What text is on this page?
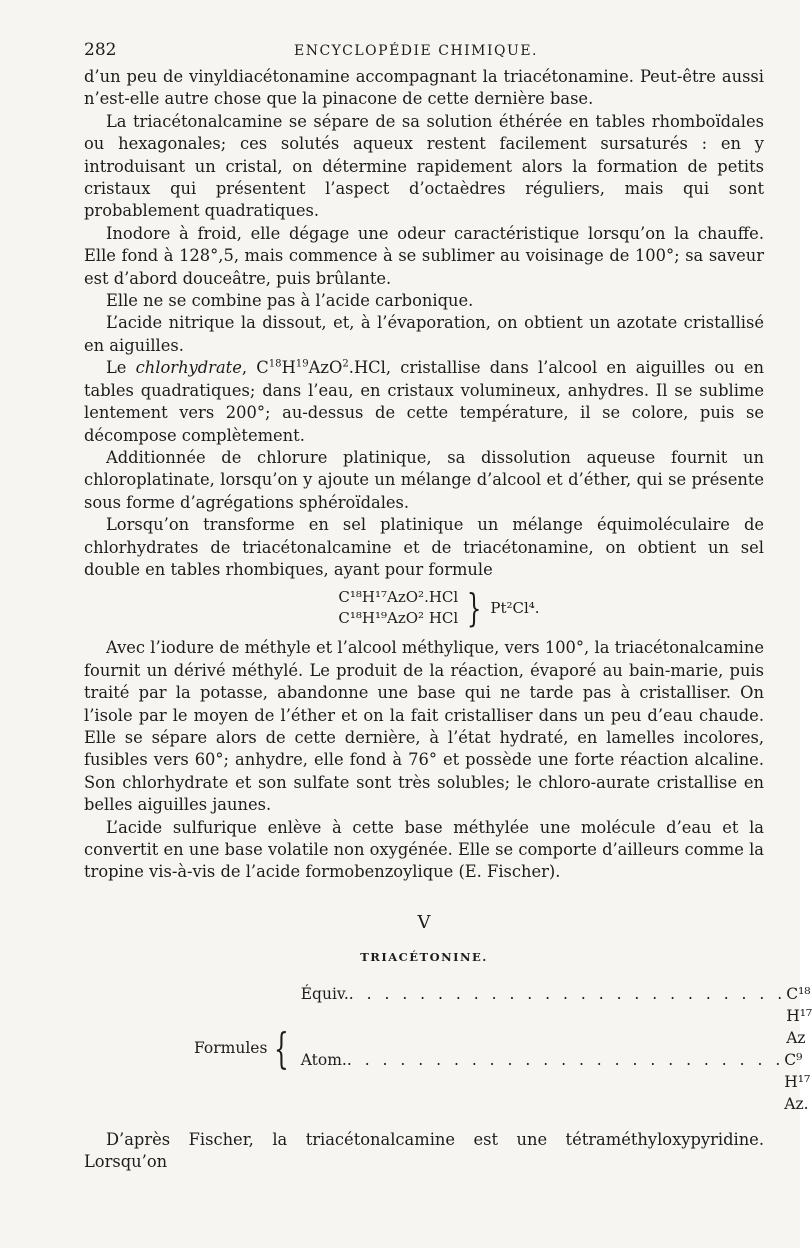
282	ENCYCLOPÉDIE CHIMIQUE.

d’un peu de vinyldiacétonamine accompagnant la triacétonamine. Peut-être aussi n’est-elle autre chose que la pinacone de cette dernière base.

La triacétonalcamine se sépare de sa solution éthérée en tables rhomboïdales ou hexagonales; ces solutés aqueux restent facilement sursaturés : en y introduisant un cristal, on détermine rapidement alors la formation de petits cristaux qui présentent l’aspect d’octaèdres réguliers, mais qui sont probablement quadratiques.

Inodore à froid, elle dégage une odeur caractéristique lorsqu’on la chauffe. Elle fond à 128°,5, mais commence à se sublimer au voisinage de 100°; sa saveur est d’abord douceâtre, puis brûlante.

Elle ne se combine pas à l’acide carbonique.

L’acide nitrique la dissout, et, à l’évaporation, on obtient un azotate cristallisé en aiguilles.

Le chlorhydrate, $C^{18}H^{19}AzO^2.HCl$, cristallise dans l’alcool en aiguilles ou en tables quadratiques; dans l’eau, en cristaux volumineux, anhydres. Il se sublime lentement vers 200°; au-dessus de cette température, il se colore, puis se décompose complètement.

Additionnée de chlorure platinique, sa dissolution aqueuse fournit un chloroplatinate, lorsqu’on y ajoute un mélange d’alcool et d’éther, qui se présente sous forme d’agrégations sphéroïdales.

Lorsqu’on transforme en sel platinique un mélange équimoléculaire de chlorhydrates de triacétonalcamine et de triacétonamine, on obtient un sel double en tables rhombiques, ayant pour formule

C¹⁸H¹⁷AzO².HCl
C¹⁸H¹⁹AzO² HCl } Pt²Cl⁴.

Avec l’iodure de méthyle et l’alcool méthylique, vers 100°, la triacétonalcamine fournit un dérivé méthylé. Le produit de la réaction, évaporé au bain-marie, puis traité par la potasse, abandonne une base qui ne tarde pas à cristalliser. On l’isole par le moyen de l’éther et on la fait cristalliser dans un peu d’eau chaude. Elle se sépare alors de cette dernière, à l’état hydraté, en lamelles incolores, fusibles vers 60°; anhydre, elle fond à 76° et possède une forte réaction alcaline. Son chlorhydrate et son sulfate sont très solubles; le chloro-aurate cristallise en belles aiguilles jaunes.

L’acide sulfurique enlève à cette base méthylée une molécule d’eau et la convertit en une base volatile non oxygénée. Elle se comporte d’ailleurs comme la tropine vis-à-vis de l’acide formobenzoylique (E. Fischer).

V
TRIACÉTONINE.
Formules {
Équiv. . . . . . . . . . . . . . . . . . . . . . . . . . C¹⁸ H¹⁷ Az
Atom. . . . . . . . . . . . . . . . . . . . . . . . . . C⁹ H¹⁷ Az.

D’après Fischer, la triacétonalcamine est une tétraméthyloxypyridine. Lorsqu’on
